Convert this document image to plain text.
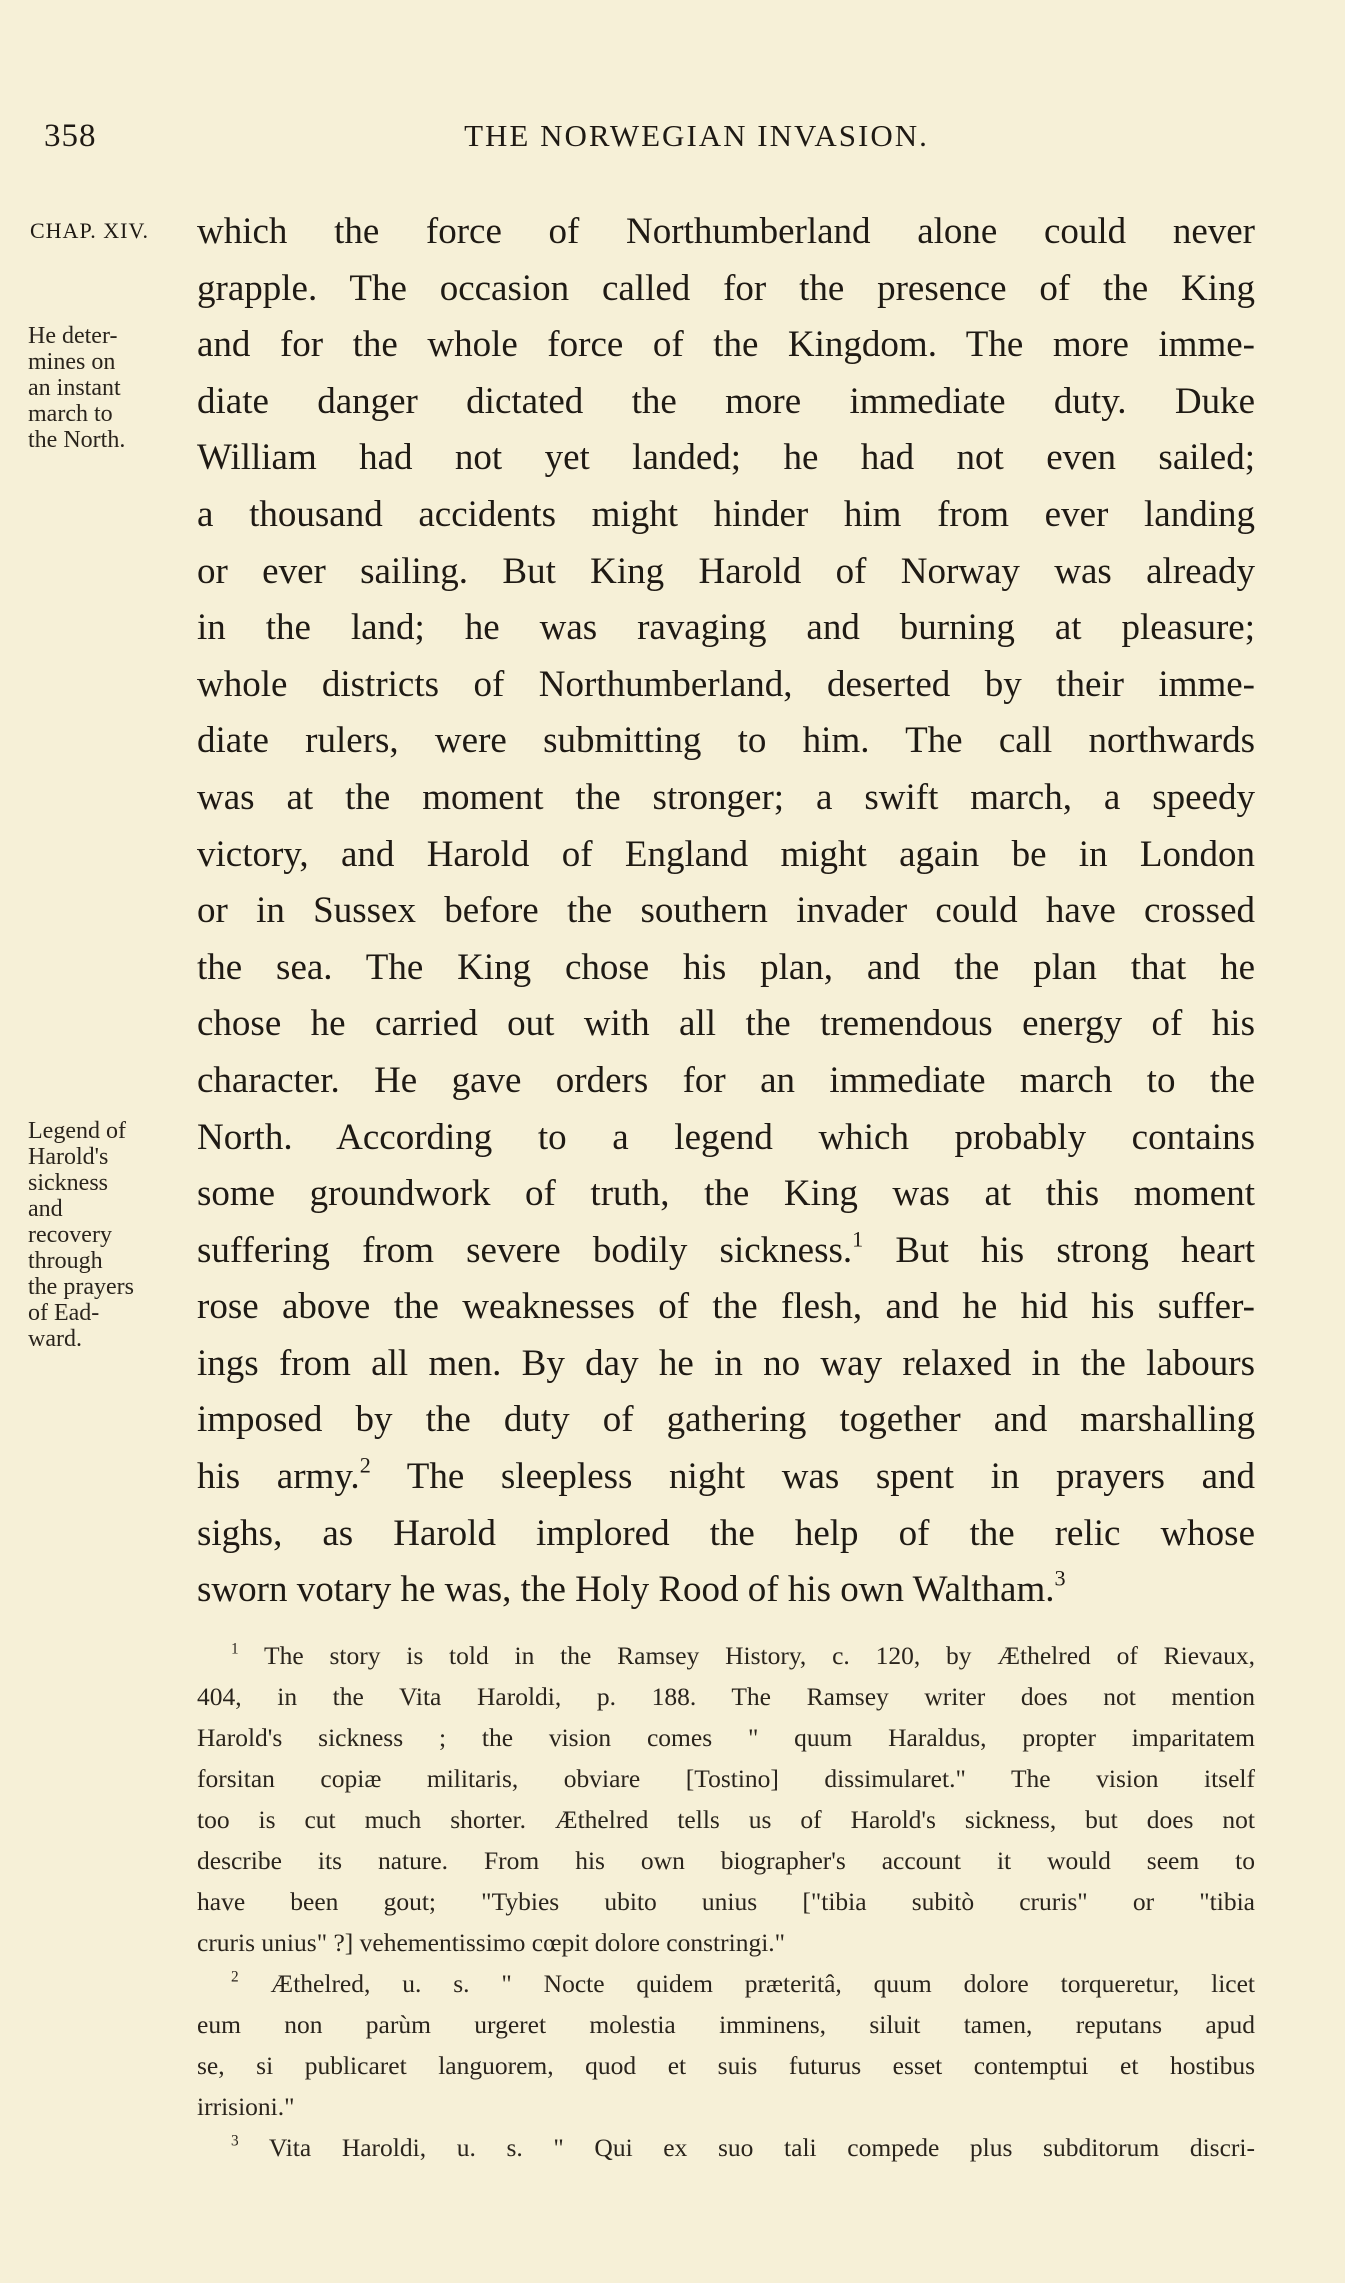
358	THE NORWEGIAN INVASION.
CHAP. XIV.
He deter-
mines on
an instant
march to
the North.
Legend of
Harold's
sickness
and
recovery
through
the prayers
of Ead-
ward.
which the force of Northumberland alone could never
grapple. The occasion called for the presence of the King
and for the whole force of the Kingdom. The more imme-
diate danger dictated the more immediate duty. Duke
William had not yet landed; he had not even sailed;
a thousand accidents might hinder him from ever landing
or ever sailing. But King Harold of Norway was already
in the land; he was ravaging and burning at pleasure;
whole districts of Northumberland, deserted by their imme-
diate rulers, were submitting to him. The call northwards
was at the moment the stronger; a swift march, a speedy
victory, and Harold of England might again be in London
or in Sussex before the southern invader could have crossed
the sea. The King chose his plan, and the plan that he
chose he carried out with all the tremendous energy of his
character. He gave orders for an immediate march to the
North. According to a legend which probably contains
some groundwork of truth, the King was at this moment
suffering from severe bodily sickness.$^1$ But his strong heart
rose above the weaknesses of the flesh, and he hid his suffer-
ings from all men. By day he in no way relaxed in the labours
imposed by the duty of gathering together and marshalling
his army.$^2$ The sleepless night was spent in prayers and
sighs, as Harold implored the help of the relic whose
sworn votary he was, the Holy Rood of his own Waltham.$^3$
$^1$ The story is told in the Ramsey History, c. 120, by Æthelred of Rievaux,
404, in the Vita Haroldi, p. 188. The Ramsey writer does not mention
Harold's sickness ; the vision comes " quum Haraldus, propter imparitatem
forsitan copiæ militaris, obviare [Tostino] dissimularet." The vision itself
too is cut much shorter. Æthelred tells us of Harold's sickness, but does not
describe its nature. From his own biographer's account it would seem to
have been gout; "Tybies ubito unius ["tibia subitò cruris" or "tibia
cruris unius" ?] vehementissimo cœpit dolore constringi."
$^2$ Æthelred, u. s. " Nocte quidem præteritâ, quum dolore torqueretur, licet
eum non parùm urgeret molestia imminens, siluit tamen, reputans apud
se, si publicaret languorem, quod et suis futurus esset contemptui et hostibus
irrisioni."
$^3$ Vita Haroldi, u. s. " Qui ex suo tali compede plus subditorum discri-
